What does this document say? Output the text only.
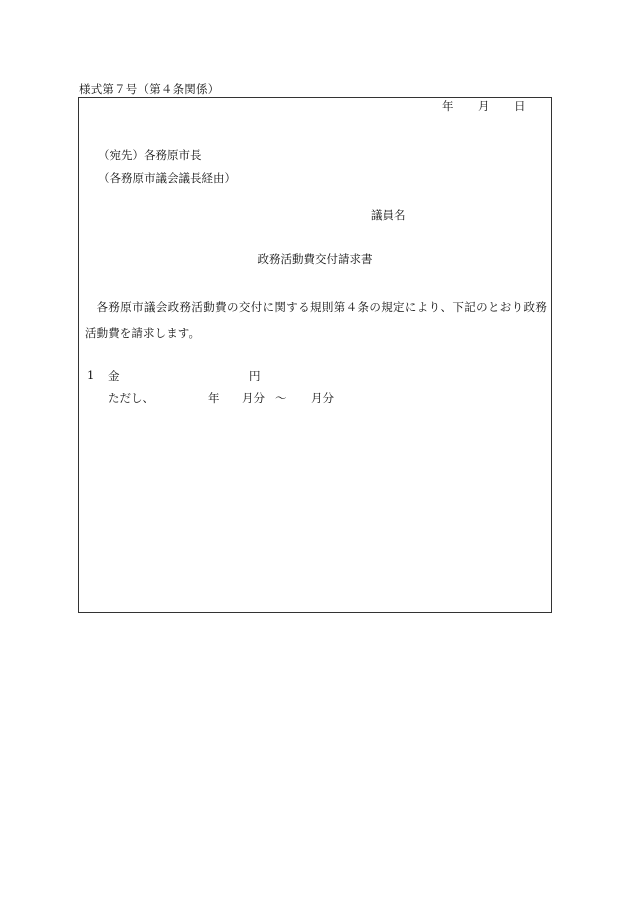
様式第７号（第４条関係）
年 月 日
（宛先）各務原市長
（各務原市議会議長経由）
議員名
政務活動費交付請求書
各務原市議会政務活動費の交付に関する規則第４条の規定により、下記のとおり政務活動費を請求します。
1 金	円
ただし、	年 月分 ～ 月分
